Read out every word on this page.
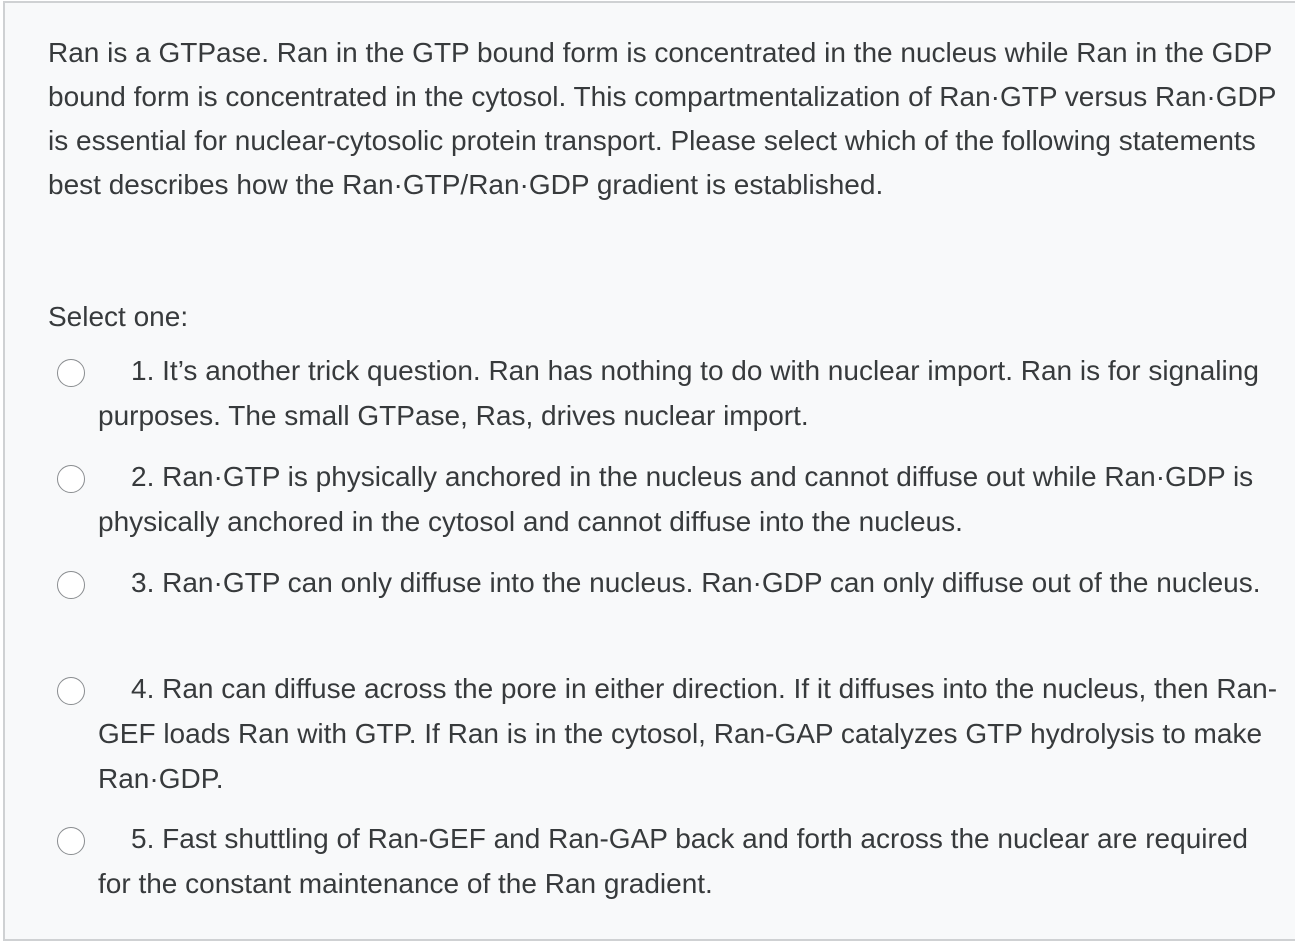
Ran is a GTPase. Ran in the GTP bound form is concentrated in the nucleus while Ran in the GDP bound form is concentrated in the cytosol. This compartmentalization of Ran·GTP versus Ran·GDP is essential for nuclear-cytosolic protein transport. Please select which of the following statements best describes how the Ran·GTP/Ran·GDP gradient is established.

Select one:

1. It’s another trick question. Ran has nothing to do with nuclear import. Ran is for signaling purposes. The small GTPase, Ras, drives nuclear import.

2. Ran·GTP is physically anchored in the nucleus and cannot diffuse out while Ran·GDP is physically anchored in the cytosol and cannot diffuse into the nucleus.

3. Ran·GTP can only diffuse into the nucleus. Ran·GDP can only diffuse out of the nucleus.

4. Ran can diffuse across the pore in either direction. If it diffuses into the nucleus, then Ran-GEF loads Ran with GTP. If Ran is in the cytosol, Ran-GAP catalyzes GTP hydrolysis to make Ran·GDP.

5. Fast shuttling of Ran-GEF and Ran-GAP back and forth across the nuclear are required for the constant maintenance of the Ran gradient.
